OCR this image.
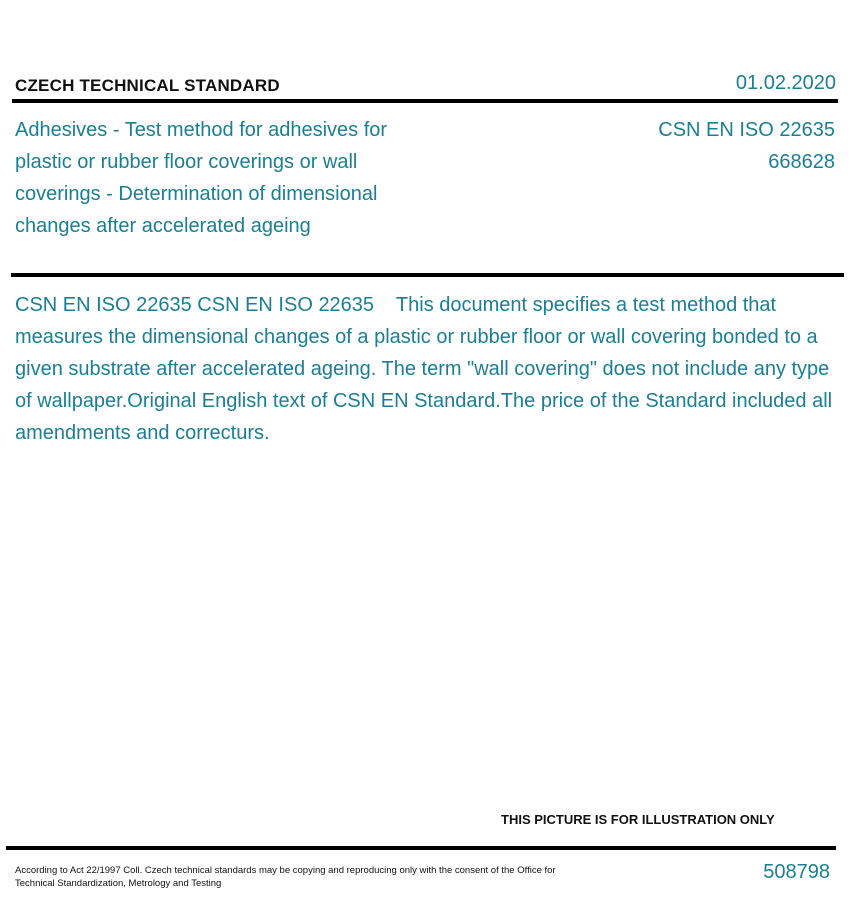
CZECH TECHNICAL STANDARD	01.02.2020
Adhesives - Test method for adhesives for plastic or rubber floor coverings or wall coverings - Determination of dimensional changes after accelerated ageing
CSN EN ISO 22635
668628
CSN EN ISO 22635 CSN EN ISO 22635    This document specifies a test method that measures the dimensional changes of a plastic or rubber floor or wall covering bonded to a given substrate after accelerated ageing. The term "wall covering" does not include any type of wallpaper.Original English text of CSN EN Standard.The price of the Standard included all amendments and correcturs.
THIS PICTURE IS FOR ILLUSTRATION ONLY
According to Act 22/1997 Coll. Czech technical standards may be copying and reproducing only with the consent of the Office for Technical Standardization, Metrology and Testing
508798
